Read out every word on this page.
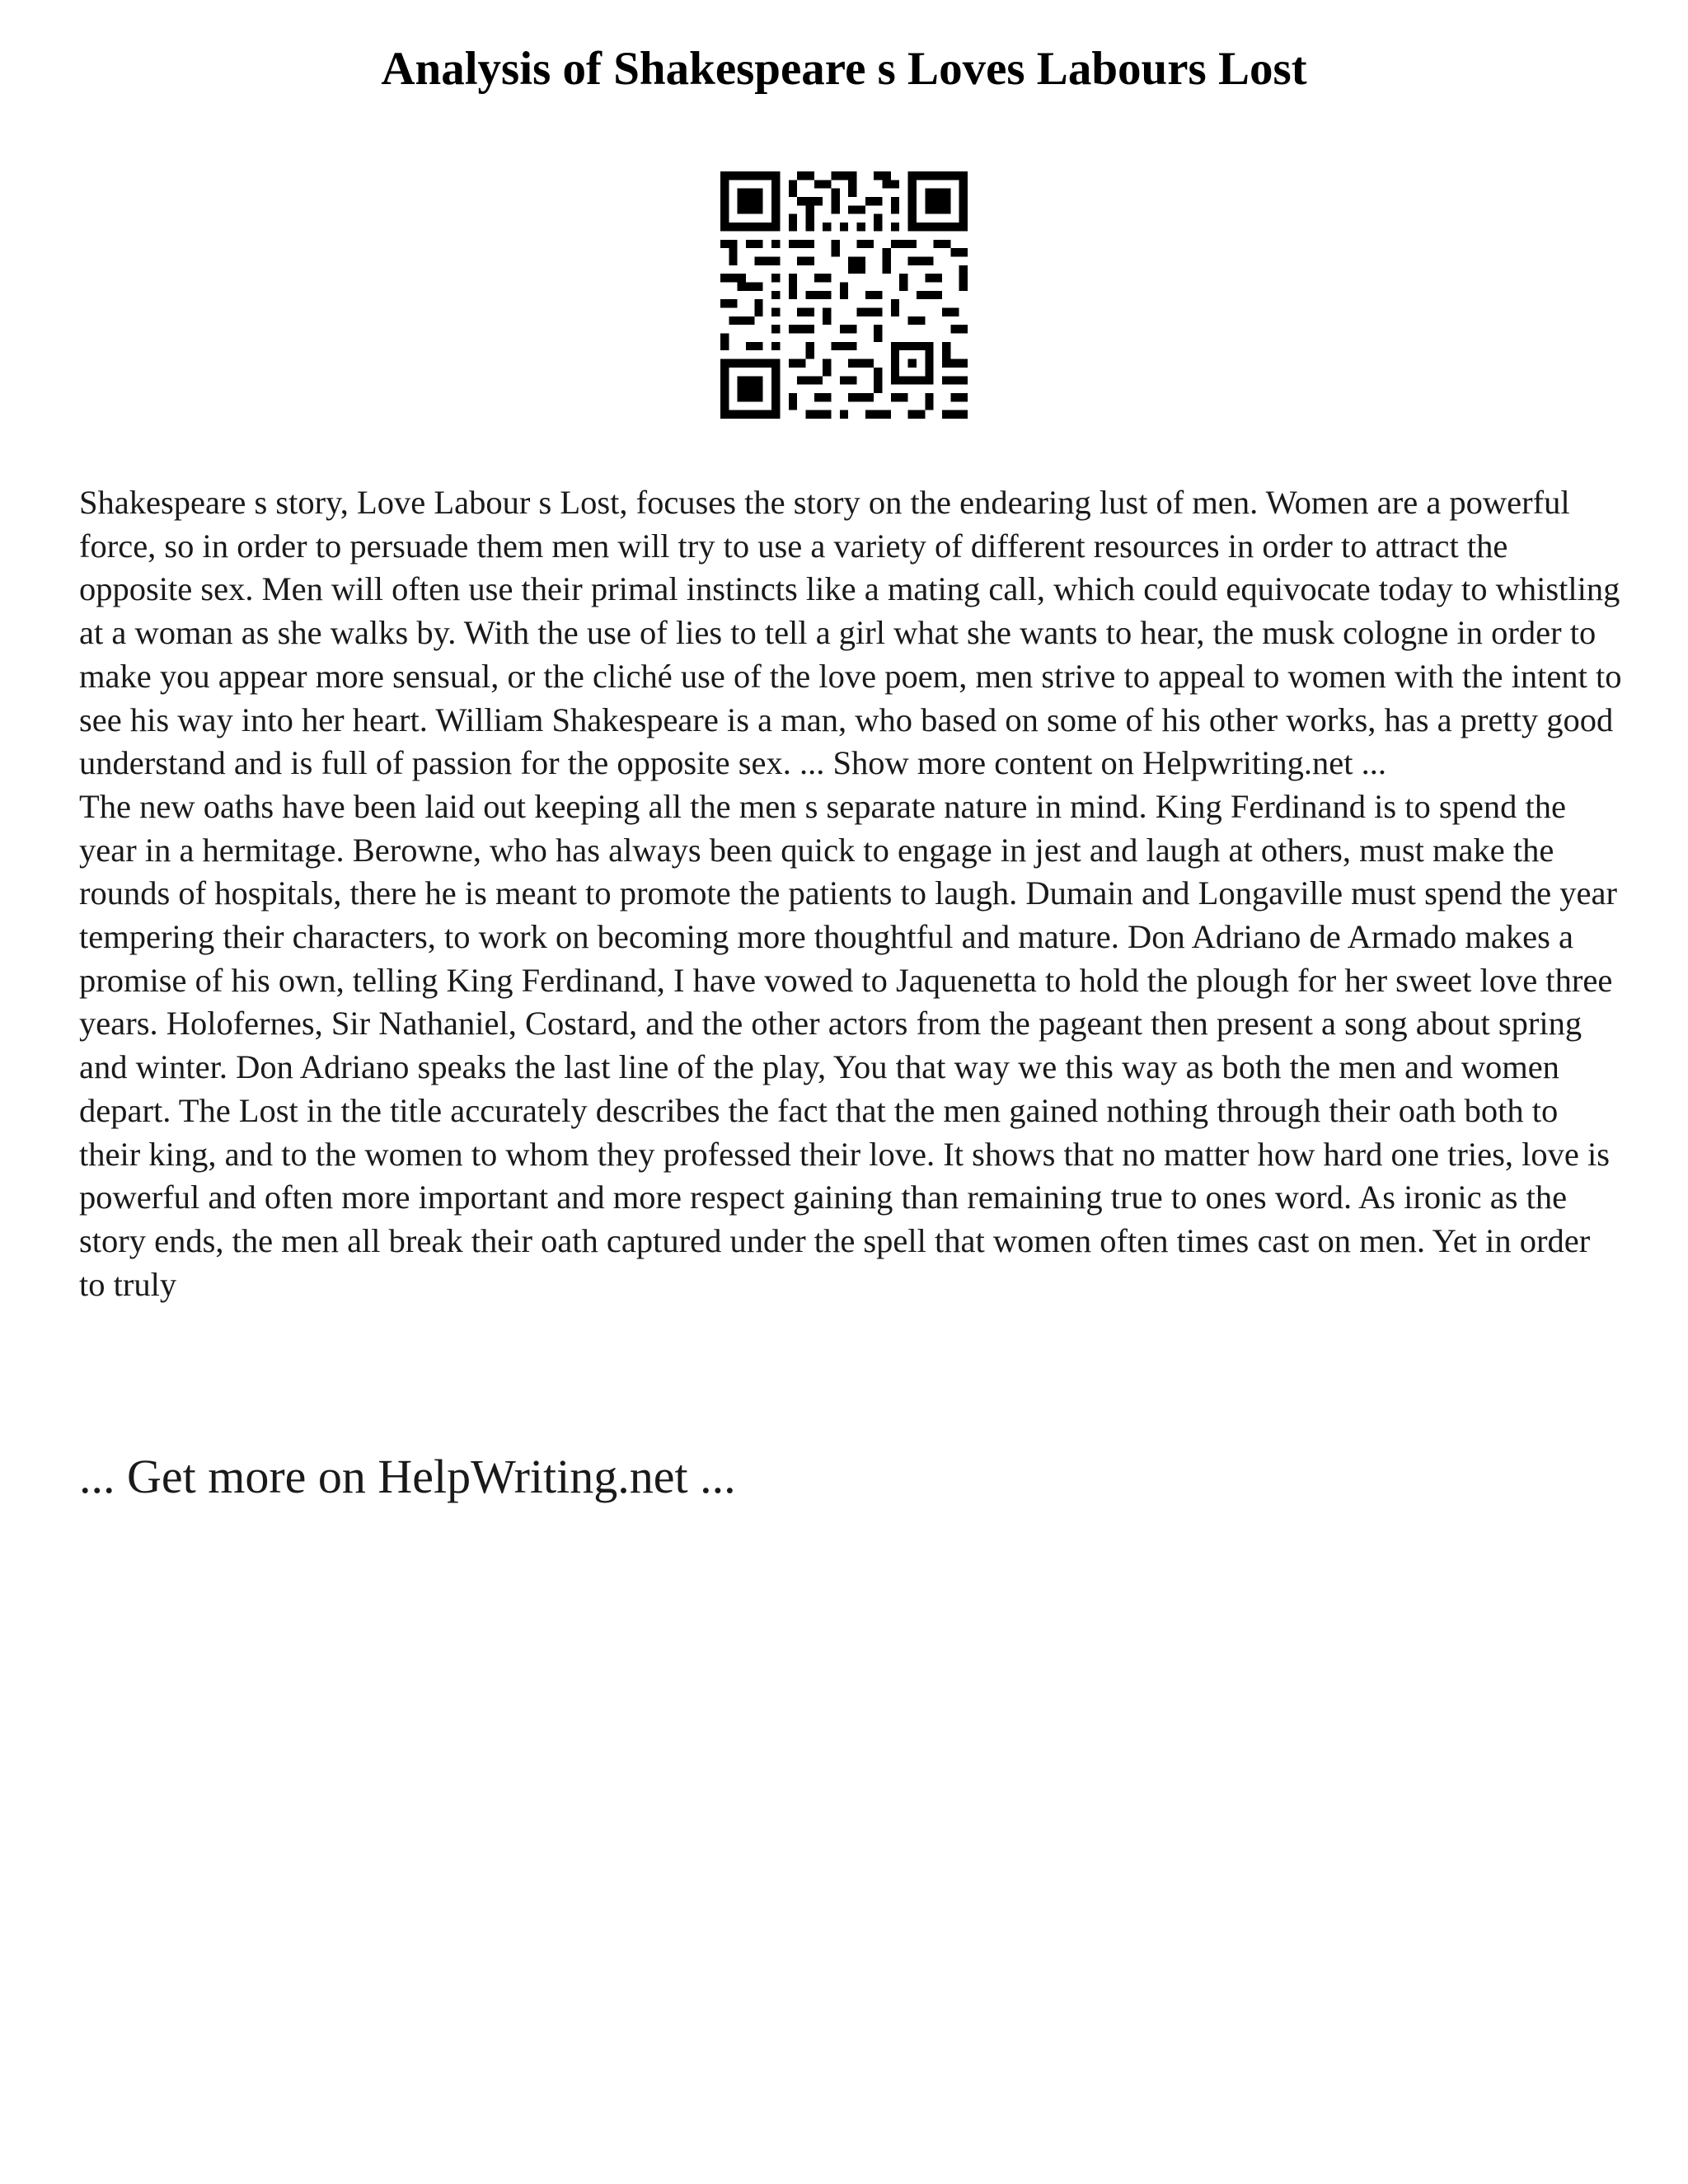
Analysis of Shakespeare s Loves Labours Lost

Shakespeare s story, Love Labour s Lost, focuses the story on the endearing lust of men. Women are a powerful force, so in order to persuade them men will try to use a variety of different resources in order to attract the opposite sex. Men will often use their primal instincts like a mating call, which could equivocate today to whistling at a woman as she walks by. With the use of lies to tell a girl what she wants to hear, the musk cologne in order to make you appear more sensual, or the cliché use of the love poem, men strive to appeal to women with the intent to see his way into her heart. William Shakespeare is a man, who based on some of his other works, has a pretty good understand and is full of passion for the opposite sex. ... Show more content on Helpwriting.net ...

The new oaths have been laid out keeping all the men s separate nature in mind. King Ferdinand is to spend the year in a hermitage. Berowne, who has always been quick to engage in jest and laugh at others, must make the rounds of hospitals, there he is meant to promote the patients to laugh. Dumain and Longaville must spend the year tempering their characters, to work on becoming more thoughtful and mature. Don Adriano de Armado makes a promise of his own, telling King Ferdinand, I have vowed to Jaquenetta to hold the plough for her sweet love three years. Holofernes, Sir Nathaniel, Costard, and the other actors from the pageant then present a song about spring and winter. Don Adriano speaks the last line of the play, You that way we this way as both the men and women depart. The Lost in the title accurately describes the fact that the men gained nothing through their oath both to their king, and to the women to whom they professed their love. It shows that no matter how hard one tries, love is powerful and often more important and more respect gaining than remaining true to ones word. As ironic as the story ends, the men all break their oath captured under the spell that women often times cast on men. Yet in order to truly

... Get more on HelpWriting.net ...
